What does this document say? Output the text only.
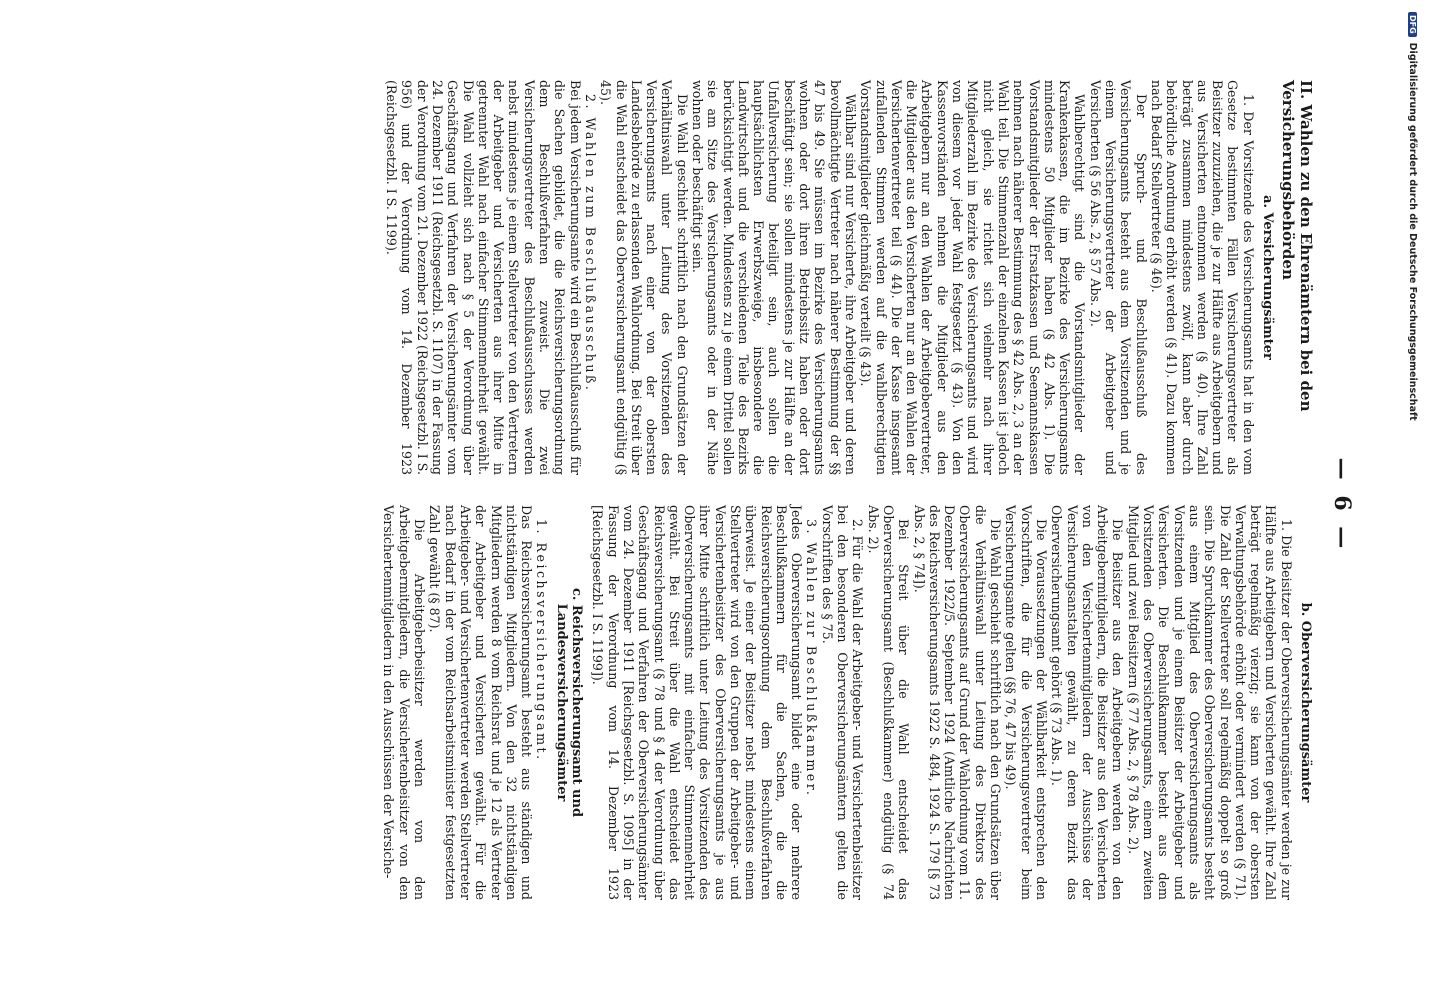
— 6 —
II. Wahlen zu den Ehrenämtern bei den Versicherungsbehörden
a. Versicherungsämter

1. Der Vorsitzende des Versicherungsamts hat in den vom Gesetze bestimmten Fällen Versicherungsvertreter als Beisitzer zuzuziehen, die je zur Hälfte aus Arbeitgebern und aus Versicherten entnommen werden (§ 40). Ihre Zahl beträgt zusammen mindestens zwölf, kann aber durch behördliche Anordnung erhöht werden (§ 41). Dazu kommen nach Bedarf Stellvertreter (§ 46).

Der Spruch- und Beschlußausschuß des Versicherungsamts besteht aus dem Vorsitzenden und je einem Versicherungsvertreter der Arbeitgeber und Versicherten (§ 56 Abs. 2, § 57 Abs. 2).

Wahlberechtigt sind die Vorstandsmitglieder der Krankenkassen, die im Bezirke des Versicherungsamts mindestens 50 Mitglieder haben (§ 42 Abs. 1). Die Vorstandsmitglieder der Ersatzkassen und Seemannskassen nehmen nach näherer Bestimmung des § 42 Abs. 2, 3 an der Wahl teil. Die Stimmenzahl der einzelnen Kassen ist jedoch nicht gleich, sie richtet sich vielmehr nach ihrer Mitgliederzahl im Bezirke des Versicherungsamts und wird von diesem vor jeder Wahl festgesetzt (§ 43). Von den Kassenvorständen nehmen die Mitglieder aus den Arbeitgebern nur an den Wahlen der Arbeitgebervertreter, die Mitglieder aus den Versicherten nur an den Wahlen der Versichertenvertreter teil (§ 44). Die der Kasse insgesamt zufallenden Stimmen werden auf die wahlberechtigten Vorstandsmitglieder gleichmäßig verteilt (§ 43).

Wählbar sind nur Versicherte, ihre Arbeitgeber und deren bevollmächtigte Vertreter nach näherer Bestimmung der §§ 47 bis 49. Sie müssen im Bezirke des Versicherungsamts wohnen oder dort ihren Betriebssitz haben oder dort beschäftigt sein; sie sollen mindestens je zur Hälfte an der Unfallversicherung beteiligt sein, auch sollen die hauptsächlichsten Erwerbszweige, insbesondere die Landwirtschaft und die verschiedenen Teile des Bezirks berücksichtigt werden. Mindestens zu je einem Drittel sollen sie am Sitze des Versicherungsamts oder in der Nähe wohnen oder beschäftigt sein.

Die Wahl geschieht schriftlich nach den Grundsätzen der Verhältniswahl unter Leitung des Vorsitzenden des Versicherungsamts nach einer von der obersten Landesbehörde zu erlassenden Wahlordnung. Bei Streit über die Wahl entscheidet das Oberversicherungsamt endgültig (§ 45).

2. Wahlen zum Beschlußausschuß.

Bei jedem Versicherungsamte wird ein Beschlußausschuß für die Sachen gebildet, die die Reichsversicherungsordnung dem Beschlußverfahren zuweist. Die zwei Versicherungsvertreter des Beschlußausschusses werden nebst mindestens je einem Stellvertreter von den Vertretern der Arbeitgeber und Versicherten aus ihrer Mitte in getrennter Wahl nach einfacher Stimmenmehrheit gewählt. Die Wahl vollzieht sich nach § 5 der Verordnung über Geschäftsgang und Verfahren der Versicherungsämter vom 24. Dezember 1911 (Reichsgesetzbl. S. 1107) in der Fassung der Verordnung vom 21. Dezember 1922 (Reichsgesetzbl. I S. 956) und der Verordnung vom 14. Dezember 1923 (Reichsgesetzbl. I S. 1199).

b. Oberversicherungsämter

1. Die Beisitzer der Oberversicherungsämter werden je zur Hälfte aus Arbeitgebern und Versicherten gewählt. Ihre Zahl beträgt regelmäßig vierzig; sie kann von der obersten Verwaltungsbehörde erhöht oder vermindert werden (§ 71). Die Zahl der Stellvertreter soll regelmäßig doppelt so groß sein. Die Spruchkammer des Oberversicherungsamts besteht aus einem Mitglied des Oberversicherungsamts als Vorsitzenden und je einem Beisitzer der Arbeitgeber und Versicherten. Die Beschlußkammer besteht aus dem Vorsitzenden des Oberversicherungsamts, einem zweiten Mitglied und zwei Beisitzern (§ 77 Abs. 2, § 78 Abs. 2).

Die Beisitzer aus den Arbeitgebern werden von den Arbeitgebermitgliedern, die Beisitzer aus den Versicherten von den Versichertenmitgliedern der Ausschüsse der Versicherungsanstalten gewählt, zu deren Bezirk das Oberversicherungsamt gehört (§ 73 Abs. 1).

Die Voraussetzungen der Wählbarkeit entsprechen den Vorschriften, die für die Versicherungsvertreter beim Versicherungsamte gelten (§§ 76, 47 bis 49).

Die Wahl geschieht schriftlich nach den Grundsätzen über die Verhältniswahl unter Leitung des Direktors des Oberversicherungsamts auf Grund der Wahlordnung vom 11. Dezember 1922/5. September 1924 (Amtliche Nachrichten des Reichsversicherungsamts 1922 S. 484, 1924 S. 179 [§ 73 Abs. 2, § 74]).

Bei Streit über die Wahl entscheidet das Oberversicherungsamt (Beschlußkammer) endgültig (§ 74 Abs. 2).

2. Für die Wahl der Arbeitgeber- und Versichertenbeisitzer bei den besonderen Oberversicherungsämtern gelten die Vorschriften des § 75.

3. Wahlen zur Beschlußkammer.

Jedes Oberversicherungsamt bildet eine oder mehrere Beschlußkammern für die Sachen, die die Reichsversicherungsordnung dem Beschlußverfahren überweist. Je einer der Beisitzer nebst mindestens einem Stellvertreter wird von den Gruppen der Arbeitgeber- und Versichertenbeisitzer des Oberversicherungsamts je aus ihrer Mitte schriftlich unter Leitung des Vorsitzenden des Oberversicherungsamts mit einfacher Stimmenmehrheit gewählt. Bei Streit über die Wahl entscheidet das Reichsversicherungsamt (§ 78 und § 4 der Verordnung über Geschäftsgang und Verfahren der Oberversicherungsämter vom 24. Dezember 1911 [Reichsgesetzbl. S. 1095] in der Fassung der Verordnung vom 14. Dezember 1923 [Reichsgesetzbl. I S. 1199]).

c. Reichsversicherungsamt und Landesversicherungsämter

1. Reichsversicherungsamt.

Das Reichsversicherungsamt besteht aus ständigen und nichtständigen Mitgliedern. Von den 32 nichtständigen Mitgliedern werden 8 vom Reichsrat und je 12 als Vertreter der Arbeitgeber und Versicherten gewählt. Für die Arbeitgeber- und Versichertenvertreter werden Stellvertreter nach Bedarf in der vom Reichsarbeitsminister festgesetzten Zahl gewählt (§ 87).

Die Arbeitgeberbeisitzer werden von den Arbeitgebermitgliedern, die Versichertenbeisitzer von den Versichertenmitgliedern in den Ausschüssen der Versiche-

DFGDigitalisierung gefördert durch die Deutsche Forschungsgemeinschaft
